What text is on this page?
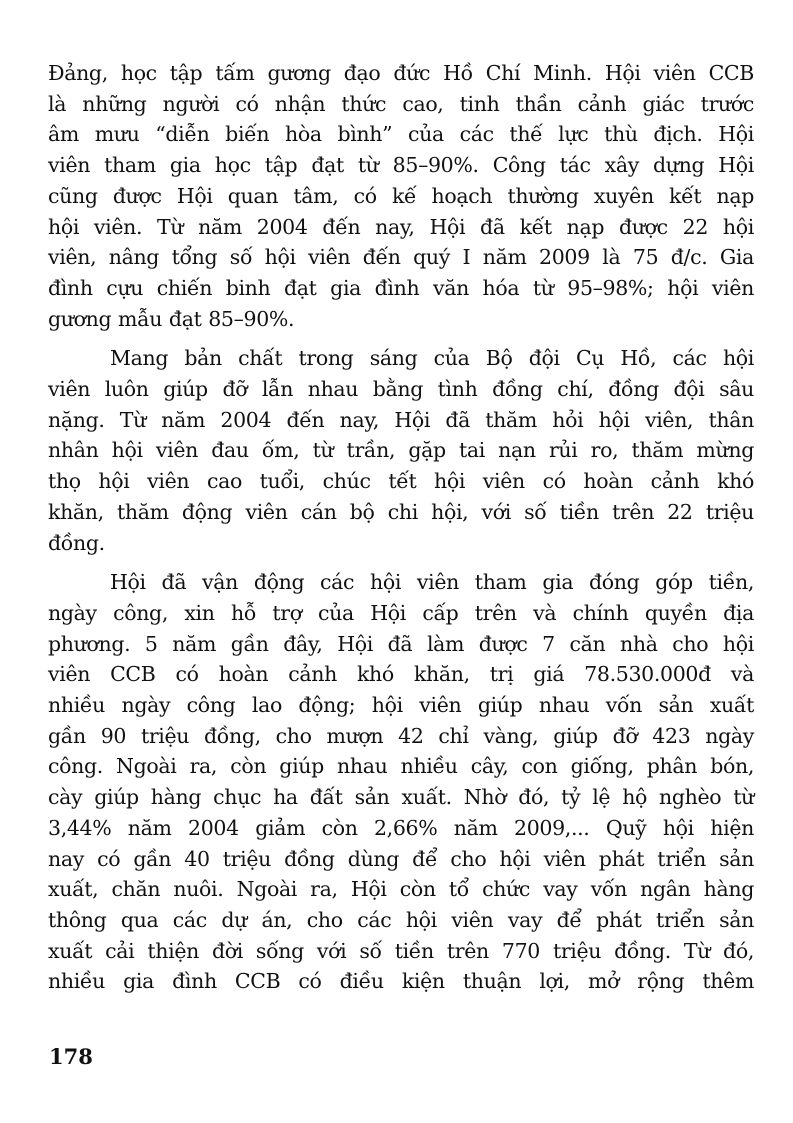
Đảng, học tập tấm gương đạo đức Hồ Chí Minh. Hội viên CCB
là những người có nhận thức cao, tinh thần cảnh giác trước
âm mưu “diễn biến hòa bình” của các thế lực thù địch. Hội
viên tham gia học tập đạt từ 85–90%. Công tác xây dựng Hội
cũng được Hội quan tâm, có kế hoạch thường xuyên kết nạp
hội viên. Từ năm 2004 đến nay, Hội đã kết nạp được 22 hội
viên, nâng tổng số hội viên đến quý I năm 2009 là 75 đ/c. Gia
đình cựu chiến binh đạt gia đình văn hóa từ 95–98%; hội viên
gương mẫu đạt 85–90%.

Mang bản chất trong sáng của Bộ đội Cụ Hồ, các hội
viên luôn giúp đỡ lẫn nhau bằng tình đồng chí, đồng đội sâu
nặng. Từ năm 2004 đến nay, Hội đã thăm hỏi hội viên, thân
nhân hội viên đau ốm, từ trần, gặp tai nạn rủi ro, thăm mừng
thọ hội viên cao tuổi, chúc tết hội viên có hoàn cảnh khó
khăn, thăm động viên cán bộ chi hội, với số tiền trên 22 triệu
đồng.

Hội đã vận động các hội viên tham gia đóng góp tiền,
ngày công, xin hỗ trợ của Hội cấp trên và chính quyền địa
phương. 5 năm gần đây, Hội đã làm được 7 căn nhà cho hội
viên CCB có hoàn cảnh khó khăn, trị giá 78.530.000đ và
nhiều ngày công lao động; hội viên giúp nhau vốn sản xuất
gần 90 triệu đồng, cho mượn 42 chỉ vàng, giúp đỡ 423 ngày
công. Ngoài ra, còn giúp nhau nhiều cây, con giống, phân bón,
cày giúp hàng chục ha đất sản xuất. Nhờ đó, tỷ lệ hộ nghèo từ
3,44% năm 2004 giảm còn 2,66% năm 2009,... Quỹ hội hiện
nay có gần 40 triệu đồng dùng để cho hội viên phát triển sản
xuất, chăn nuôi. Ngoài ra, Hội còn tổ chức vay vốn ngân hàng
thông qua các dự án, cho các hội viên vay để phát triển sản
xuất cải thiện đời sống với số tiền trên 770 triệu đồng. Từ đó,
nhiều gia đình CCB có điều kiện thuận lợi, mở rộng thêm

178
